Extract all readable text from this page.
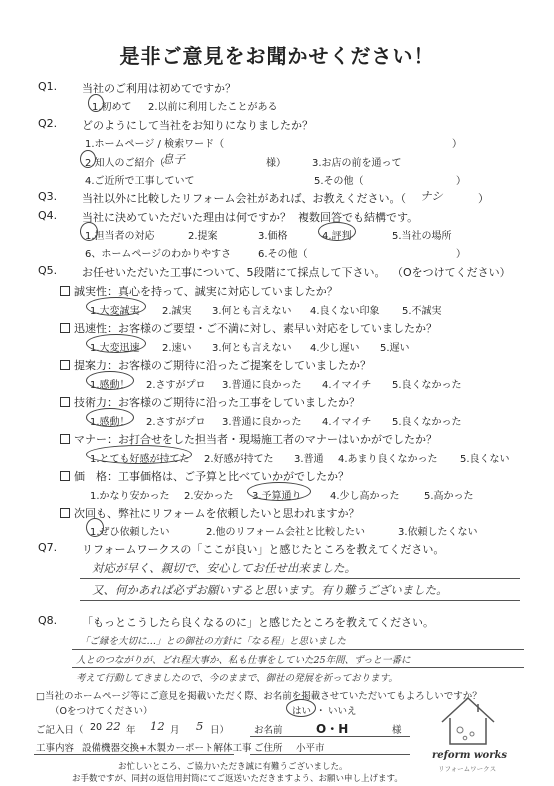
是非ご意見をお聞かせください！
Q1. 当社のご利用は初めてですか？
1.初めて 2.以前に利用したことがある
Q2. どのようにして当社をお知りになりましたか？
1.ホームページ / 検索ワード（	）
2.知人のご紹介（
息子	様）	3.お店の前を通って
4.ご近所で工事していて	5.その他（	）
Q3. 当社以外に比較したリフォーム会社があれば、お教えください。（ ナシ	）
Q4. 当社に決めていただいた理由は何ですか？ 複数回答でも結構です。
1.担当者の対応	2.提案	3.価格	4.評判	5.当社の場所
6、ホームページのわかりやすさ	6.その他（	）
Q5. お任せいただいた工事について、5段階にて採点して下さい。 （Oをつけてください）
誠実性：真心を持って、誠実に対応していましたか？
1.大変誠実 2.誠実 3.何とも言えない 4.良くない印象 5.不誠実
迅速性：お客様のご要望・ご不満に対し、素早い対応をしていましたか？
1.大変迅速 2.速い 3.何とも言えない 4.少し遅い 5.遅い
提案力：お客様のご期待に沿ったご提案をしていましたか？
1.感動！ 2.さすがプロ 3.普通に良かった 4.イマイチ 5.良くなかった
技術力：お客様のご期待に沿った工事をしていましたか？
1.感動！ 2.さすがプロ 3.普通に良かった 4.イマイチ 5.良くなかった
マナー：お打合せをした担当者・現場施工者のマナーはいかがでしたか？
1.とても好感が持てた 2.好感が持てた 3.普通 4.あまり良くなかった 5.良くない
価　格：工事価格は、ご予算と比べていかがでしたか？
1.かなり安かった 2.安かった 3.予算通り	4.少し高かった 5.高かった
次回も、弊社にリフォームを依頼したいと思われますか？
1.ぜひ依頼したい	2.他のリフォーム会社と比較したい	3.依頼したくない
Q7. リフォームワークスの「ここが良い」と感じたところを教えてください。
対応が早く、親切で、安心してお任せ出来ました。
又、何かあれば必ずお願いすると思います。有り難うございました。
Q8. 「もっとこうしたら良くなるのに」と感じたところを教えてください。
「ご縁を大切に…」との御社の方針に「なる程」と思いました
人とのつながりが、どれ程大事か、私も仕事をしていた25年間、ずっと一番に
考えて行動してきましたので、今のままで、御社の発展を祈っております。
□当社のホームページ等にご意見を掲載いただく際、お名前を掲載させていただいてもよろしいですか？
（Oをつけてください）	はい ・ いいえ
ご記入日（ 20 22 年 12 月 5 日）	お名前	O・H	様
工事内容 設備機器交換+木製カーポート解体工事 ご住所 小平市
お忙しいところ、ご協力いただき誠に有難うございました。
お手数ですが、同封の返信用封筒にてご返送いただきますよう、お願い申し上げます。
reform works
リフォームワークス
